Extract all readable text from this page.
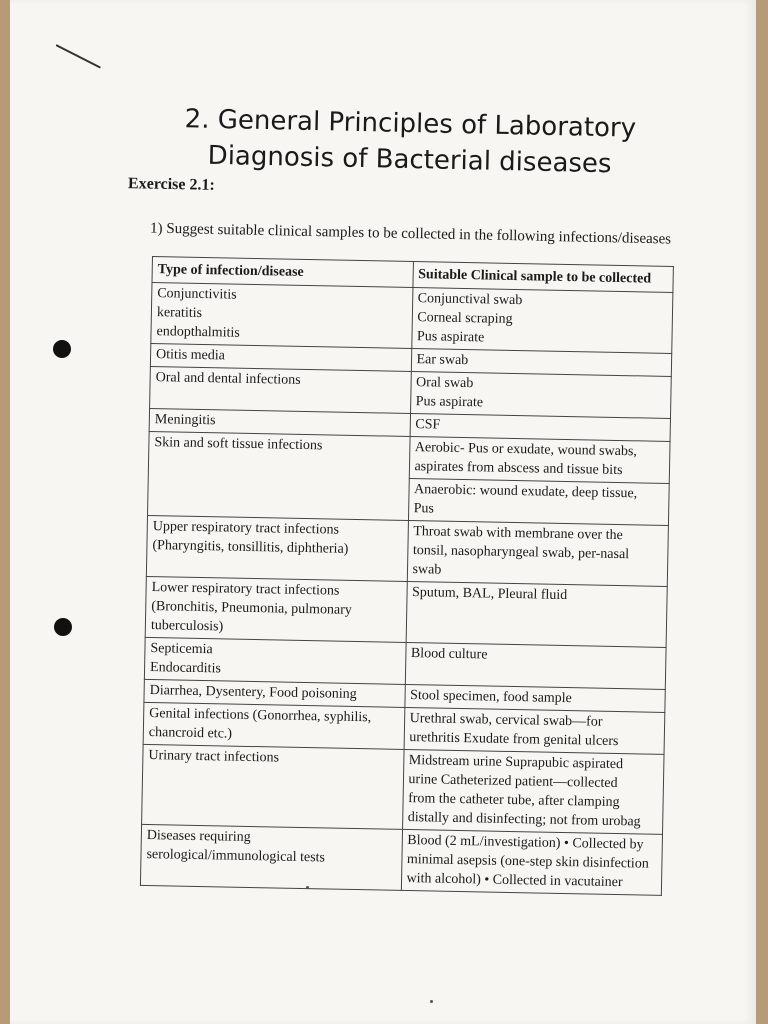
2. General Principles of Laboratory
Diagnosis of Bacterial diseases
Exercise 2.1:
1) Suggest suitable clinical samples to be collected in the following infections/diseases
Type of infection/disease	Suitable Clinical sample to be collected

Conjunctivitis
keratitis
endopthalmitis	Conjunctival swab
Corneal scraping
Pus aspirate

Otitis media	Ear swab

Oral and dental infections	Oral swab
Pus aspirate

Meningitis	CSF

Skin and soft tissue infections	Aerobic- Pus or exudate, wound swabs,
aspirates from abscess and tissue bits

	Anaerobic: wound exudate, deep tissue,
Pus

Upper respiratory tract infections
(Pharyngitis, tonsillitis, diphtheria)	Throat swab with membrane over the
tonsil, nasopharyngeal swab, per-nasal
swab

Lower respiratory tract infections
(Bronchitis, Pneumonia, pulmonary
tuberculosis)	Sputum, BAL, Pleural fluid

Septicemia
Endocarditis	Blood culture

Diarrhea, Dysentery, Food poisoning	Stool specimen, food sample

Genital infections (Gonorrhea, syphilis,
chancroid etc.)	Urethral swab, cervical swab—for
urethritis Exudate from genital ulcers

Urinary tract infections	Midstream urine Suprapubic aspirated
urine Catheterized patient—collected
from the catheter tube, after clamping
distally and disinfecting; not from urobag

Diseases requiring
serological/immunological tests	Blood (2 mL/investigation) • Collected by
minimal asepsis (one-step skin disinfection
with alcohol) • Collected in vacutainer
